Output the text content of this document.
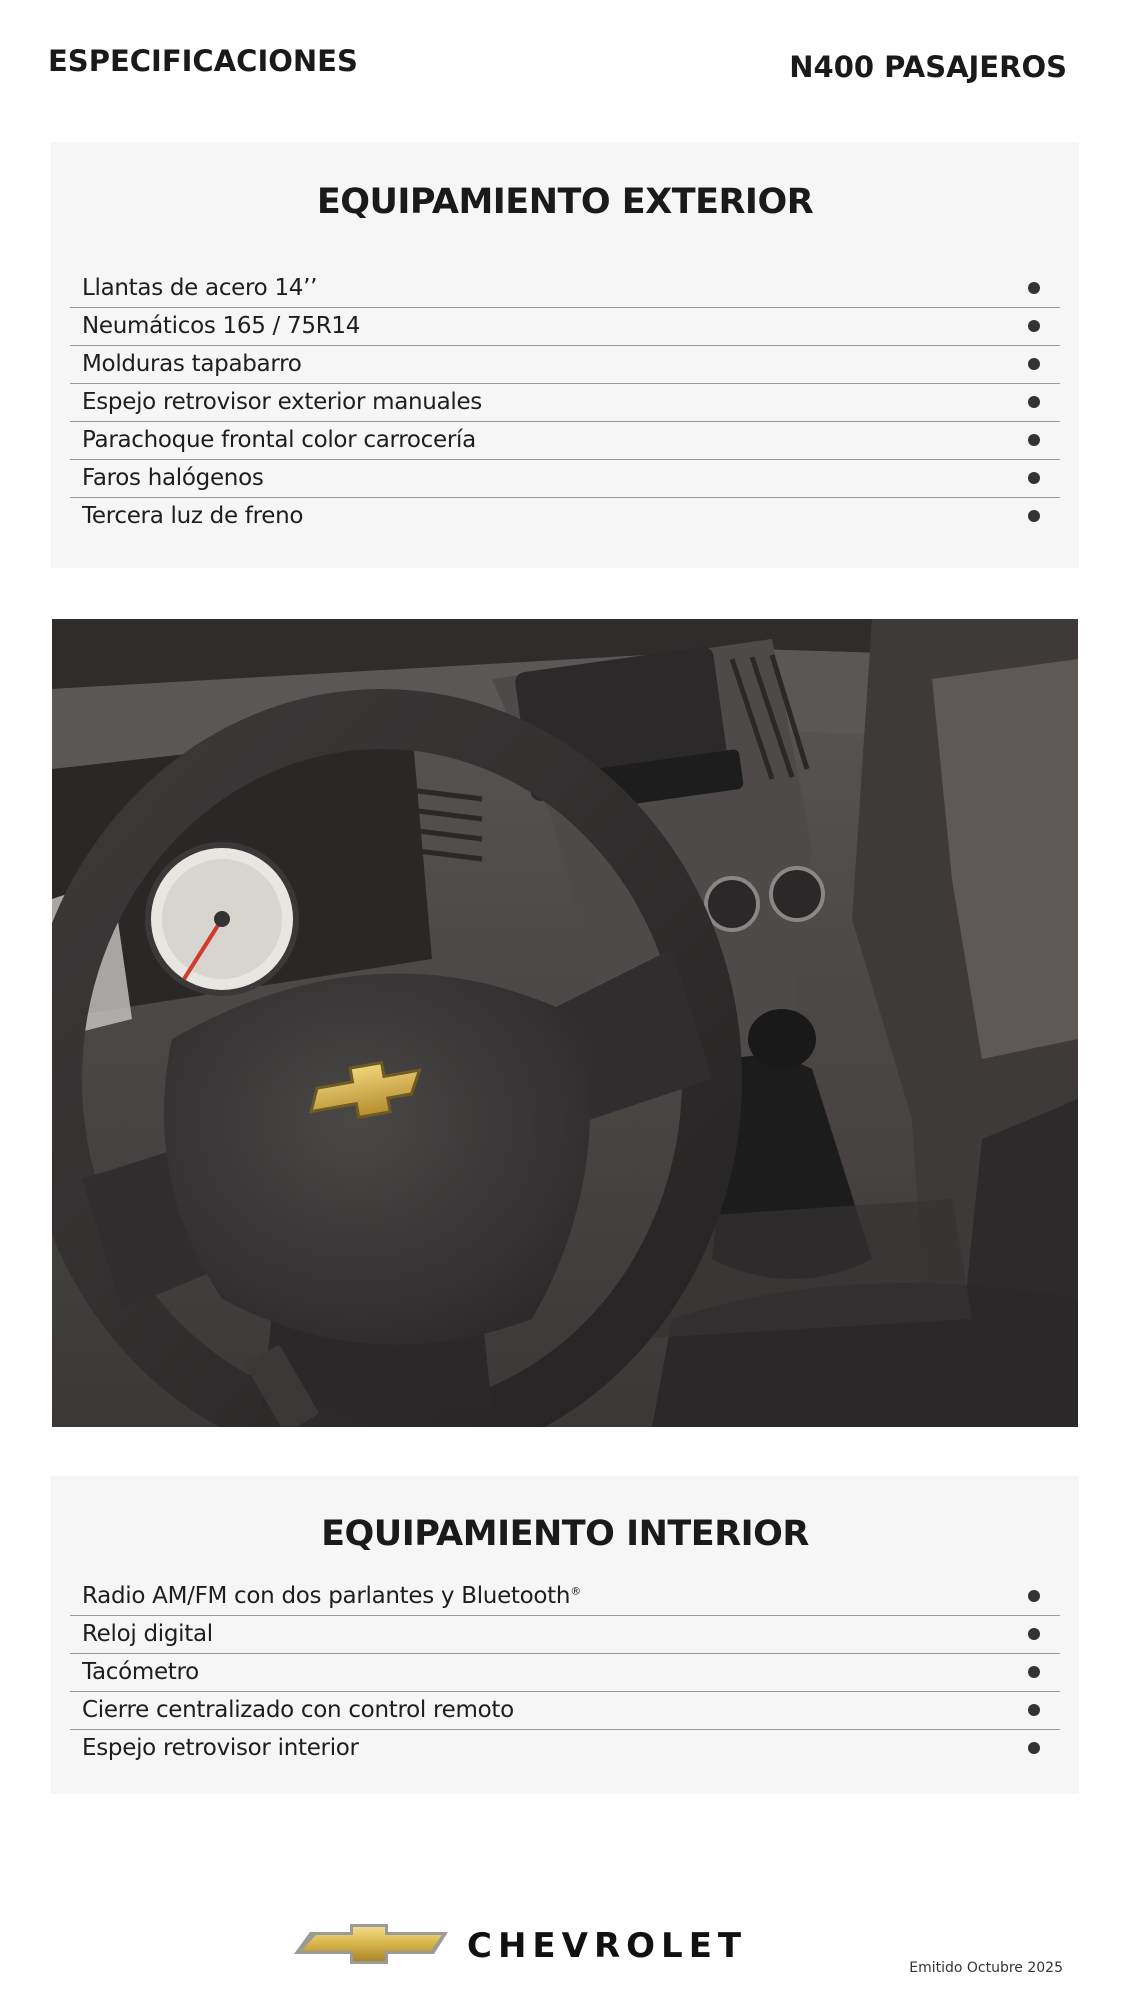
ESPECIFICACIONES	N400 PASAJEROS
EQUIPAMIENTO EXTERIOR
Llantas de acero 14’’
Neumáticos 165 / 75R14
Molduras tapabarro
Espejo retrovisor exterior manuales
Parachoque frontal color carrocería
Faros halógenos
Tercera luz de freno
EQUIPAMIENTO INTERIOR
Radio AM/FM con dos parlantes y Bluetooth®
Reloj digital
Tacómetro
Cierre centralizado con control remoto
Espejo retrovisor interior
CHEVROLET
Emitido Octubre 2025
